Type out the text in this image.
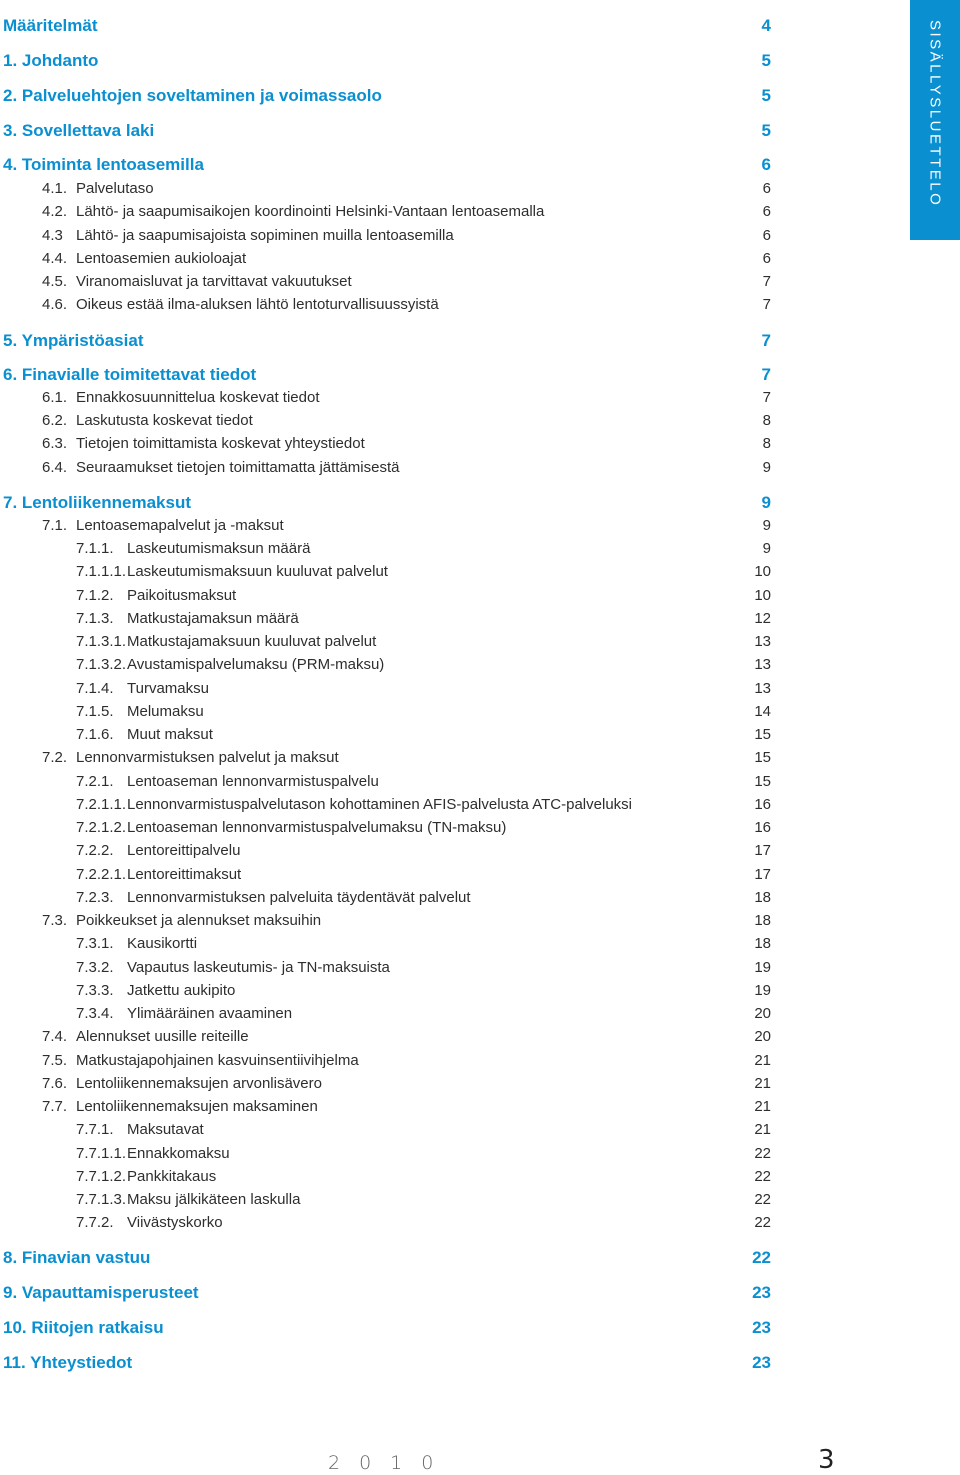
Määritelmät	4
1. Johdanto	5
2. Palveluehtojen soveltaminen ja voimassaolo	5
3. Sovellettava laki	5
4. Toiminta lentoasemilla	6
4.1. Palvelutaso	6
4.2. Lähtö- ja saapumisaikojen koordinointi Helsinki-Vantaan lentoasemalla	6
4.3 Lähtö- ja saapumisajoista sopiminen muilla lentoasemilla	6
4.4. Lentoasemien aukioloajat	6
4.5. Viranomaisluvat ja tarvittavat vakuutukset	7
4.6. Oikeus estää ilma-aluksen lähtö lentoturvallisuussyistä	7
5. Ympäristöasiat	7
6. Finavialle toimitettavat tiedot	7
6.1. Ennakkosuunnittelua koskevat tiedot	7
6.2. Laskutusta koskevat tiedot	8
6.3. Tietojen toimittamista koskevat yhteystiedot	8
6.4. Seuraamukset tietojen toimittamatta jättämisestä	9
7. Lentoliikennemaksut	9
7.1. Lentoasemapalvelut ja -maksut	9
7.1.1. Laskeutumismaksun määrä	9
7.1.1.1. Laskeutumismaksuun kuuluvat palvelut	10
7.1.2. Paikoitusmaksut	10
7.1.3. Matkustajamaksun määrä	12
7.1.3.1. Matkustajamaksuun kuuluvat palvelut	13
7.1.3.2. Avustamispalvelumaksu (PRM-maksu)	13
7.1.4. Turvamaksu	13
7.1.5. Melumaksu	14
7.1.6. Muut maksut	15
7.2. Lennonvarmistuksen palvelut ja maksut	15
7.2.1. Lentoaseman lennonvarmistuspalvelu	15
7.2.1.1. Lennonvarmistuspalvelutason kohottaminen AFIS-palvelusta ATC-palveluksi	16
7.2.1.2. Lentoaseman lennonvarmistuspalvelumaksu (TN-maksu)	16
7.2.2. Lentoreittipalvelu	17
7.2.2.1. Lentoreittimaksut	17
7.2.3. Lennonvarmistuksen palveluita täydentävät palvelut	18
7.3. Poikkeukset ja alennukset maksuihin	18
7.3.1. Kausikortti	18
7.3.2. Vapautus laskeutumis- ja TN-maksuista	19
7.3.3. Jatkettu aukipito	19
7.3.4. Ylimääräinen avaaminen	20
7.4. Alennukset uusille reiteille	20
7.5. Matkustajapohjainen kasvuinsentiivihjelma	21
7.6. Lentoliikennemaksujen arvonlisävero	21
7.7. Lentoliikennemaksujen maksaminen	21
7.7.1. Maksutavat	21
7.7.1.1. Ennakkomaksu	22
7.7.1.2. Pankkitakaus	22
7.7.1.3. Maksu jälkikäteen laskulla	22
7.7.2. Viivästyskorko	22
8. Finavian vastuu	22
9. Vapauttamisperusteet	23
10. Riitojen ratkaisu	23
11. Yhteystiedot	23
SISÄLLYSLUETTELO
2010	3
